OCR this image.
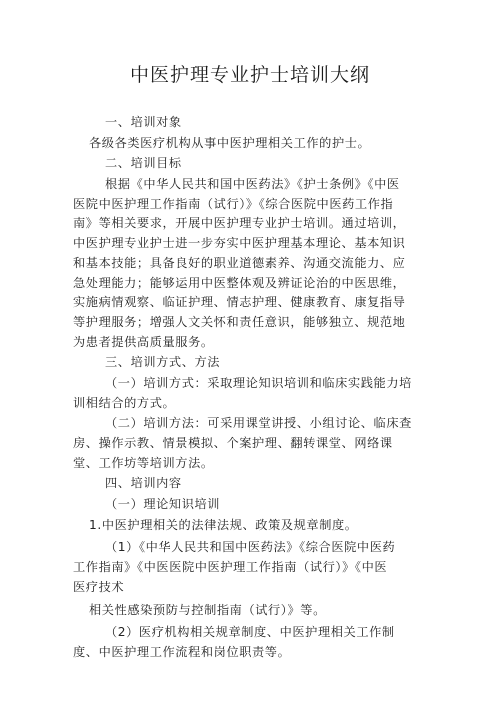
中医护理专业护士培训大纲
一、培训对象
各级各类医疗机构从事中医护理相关工作的护士。
二、培训目标
根据《中华人民共和国中医药法》《护士条例》《中医
医院中医护理工作指南（试行）》《综合医院中医药工作指
南》等相关要求，开展中医护理专业护士培训。通过培训，
中医护理专业护士进一步夯实中医护理基本理论、基本知识
和基本技能；具备良好的职业道德素养、沟通交流能力、应
急处理能力；能够运用中医整体观及辨证论治的中医思维，
实施病情观察、临证护理、情志护理、健康教育、康复指导
等护理服务；增强人文关怀和责任意识，能够独立、规范地
为患者提供高质量服务。
三、培训方式、方法
（一）培训方式：采取理论知识培训和临床实践能力培
训相结合的方式。
（二）培训方法：可采用课堂讲授、小组讨论、临床查
房、操作示教、情景模拟、个案护理、翻转课堂、网络课
堂、工作坊等培训方法。
四、培训内容
（一）理论知识培训
1.中医护理相关的法律法规、政策及规章制度。
（1）《中华人民共和国中医药法》《综合医院中医药
工作指南》《中医医院中医护理工作指南（试行）》《中医
医疗技术
相关性感染预防与控制指南（试行）》等。
（2）医疗机构相关规章制度、中医护理相关工作制
度、中医护理工作流程和岗位职责等。
